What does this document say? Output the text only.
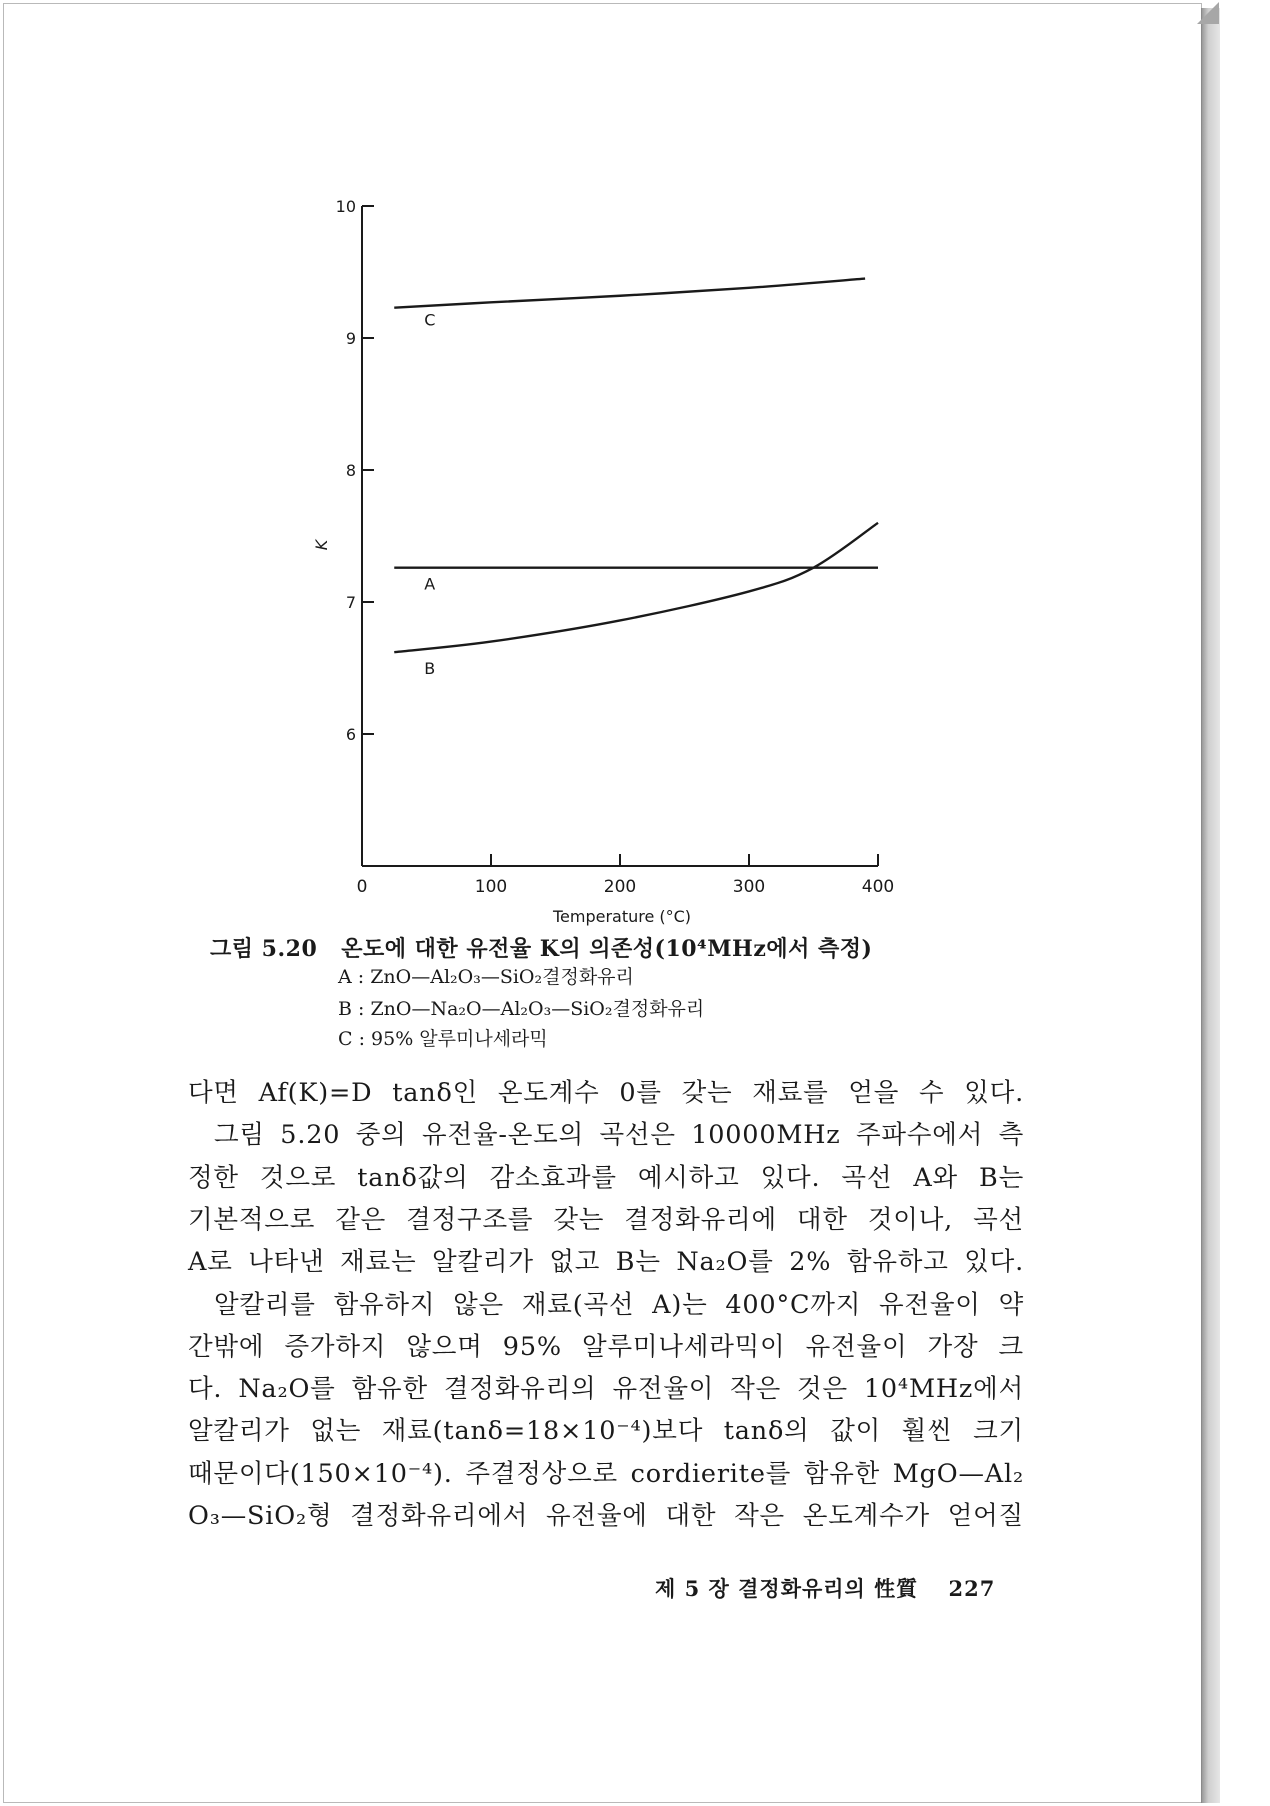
6
7
8
9
10
0	100	200	300	400
A
B
C
Temperature (°C)
K
그림 5.20 온도에 대한 유전율 K의 의존성(10⁴MHz에서 측정)
A : ZnO—Al₂O₃—SiO₂결정화유리
B : ZnO—Na₂O—Al₂O₃—SiO₂결정화유리
C : 95% 알루미나세라믹
다면 Af(K)=D tanδ인 온도계수 0를 갖는 재료를 얻을 수 있다.
그림 5.20 중의 유전율-온도의 곡선은 10000MHz 주파수에서 측
정한 것으로 tanδ값의 감소효과를 예시하고 있다. 곡선 A와 B는
기본적으로 같은 결정구조를 갖는 결정화유리에 대한 것이나, 곡선
A로 나타낸 재료는 알칼리가 없고 B는 Na₂O를 2% 함유하고 있다.
알칼리를 함유하지 않은 재료(곡선 A)는 400°C까지 유전율이 약
간밖에 증가하지 않으며 95% 알루미나세라믹이 유전율이 가장 크
다. Na₂O를 함유한 결정화유리의 유전율이 작은 것은 10⁴MHz에서
알칼리가 없는 재료(tanδ=18×10⁻⁴)보다 tanδ의 값이 훨씬 크기
때문이다(150×10⁻⁴). 주결정상으로 cordierite를 함유한 MgO—Al₂
O₃—SiO₂형 결정화유리에서 유전율에 대한 작은 온도계수가 얻어질
제 5 장 결정화유리의 性質 227
